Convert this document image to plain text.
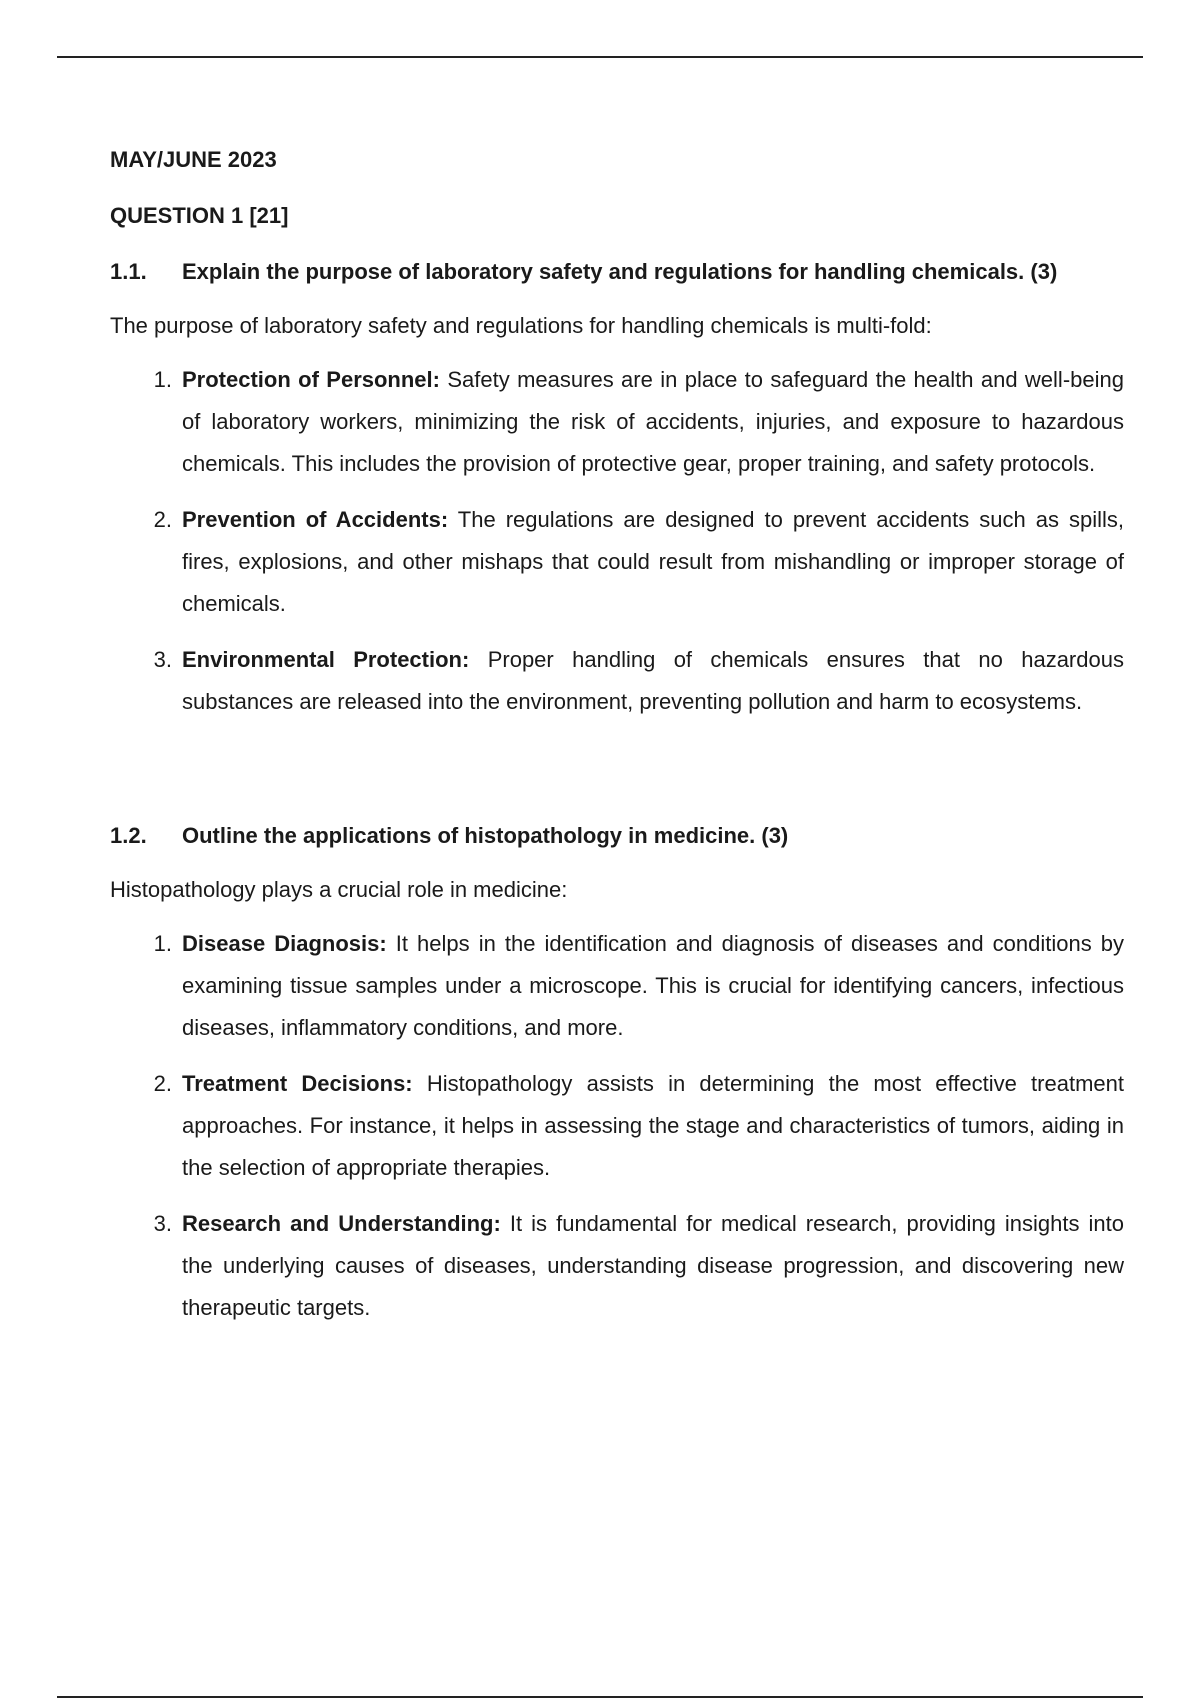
MAY/JUNE 2023

QUESTION 1 [21]

1.1.	Explain the purpose of laboratory safety and regulations for handling chemicals. (3)
The purpose of laboratory safety and regulations for handling chemicals is multi-fold:
1. Protection of Personnel: Safety measures are in place to safeguard the health and well-being of laboratory workers, minimizing the risk of accidents, injuries, and exposure to hazardous chemicals. This includes the provision of protective gear, proper training, and safety protocols.
2. Prevention of Accidents: The regulations are designed to prevent accidents such as spills, fires, explosions, and other mishaps that could result from mishandling or improper storage of chemicals.
3. Environmental Protection: Proper handling of chemicals ensures that no hazardous substances are released into the environment, preventing pollution and harm to ecosystems.
1.2.	Outline the applications of histopathology in medicine. (3)
Histopathology plays a crucial role in medicine:
1. Disease Diagnosis: It helps in the identification and diagnosis of diseases and conditions by examining tissue samples under a microscope. This is crucial for identifying cancers, infectious diseases, inflammatory conditions, and more.
2. Treatment Decisions: Histopathology assists in determining the most effective treatment approaches. For instance, it helps in assessing the stage and characteristics of tumors, aiding in the selection of appropriate therapies.
3. Research and Understanding: It is fundamental for medical research, providing insights into the underlying causes of diseases, understanding disease progression, and discovering new therapeutic targets.
